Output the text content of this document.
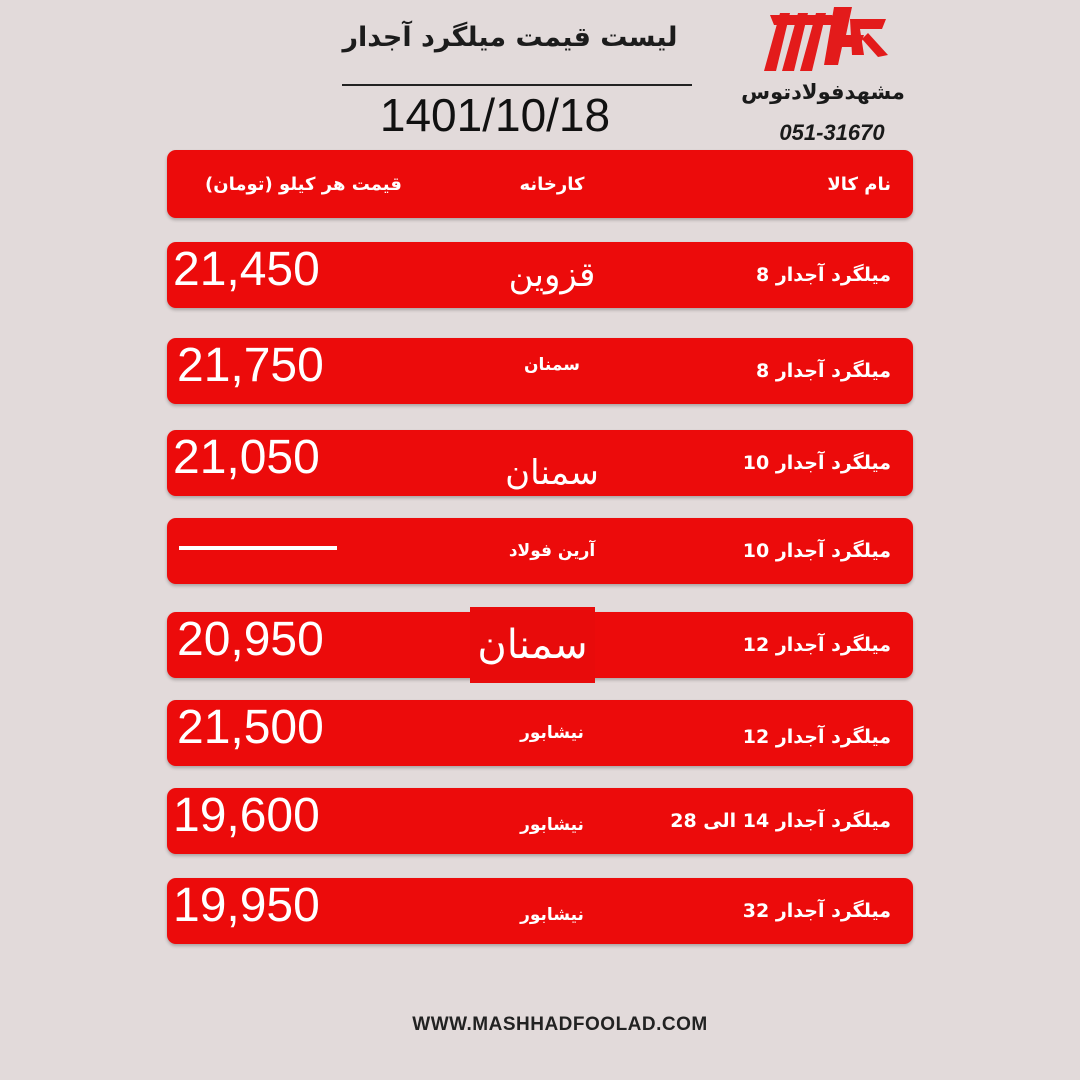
لیست قیمت میلگرد آجدار
1401/10/18	مشهدفولادتوس
051-31670
نام کالا
کارخانه
قیمت هر کیلو (تومان)
میلگرد آجدار 8
قزوین
21,450
میلگرد آجدار 8
سمنان
21,750
میلگرد آجدار 10
سمنان
21,050
میلگرد آجدار 10
آرین فولاد
میلگرد آجدار 12
سمنان
20,950
میلگرد آجدار 12
نیشابور
21,500
میلگرد آجدار 14 الی 28
نیشابور
19,600
میلگرد آجدار 32
نیشابور
19,950
WWW.MASHHADFOOLAD.COM
